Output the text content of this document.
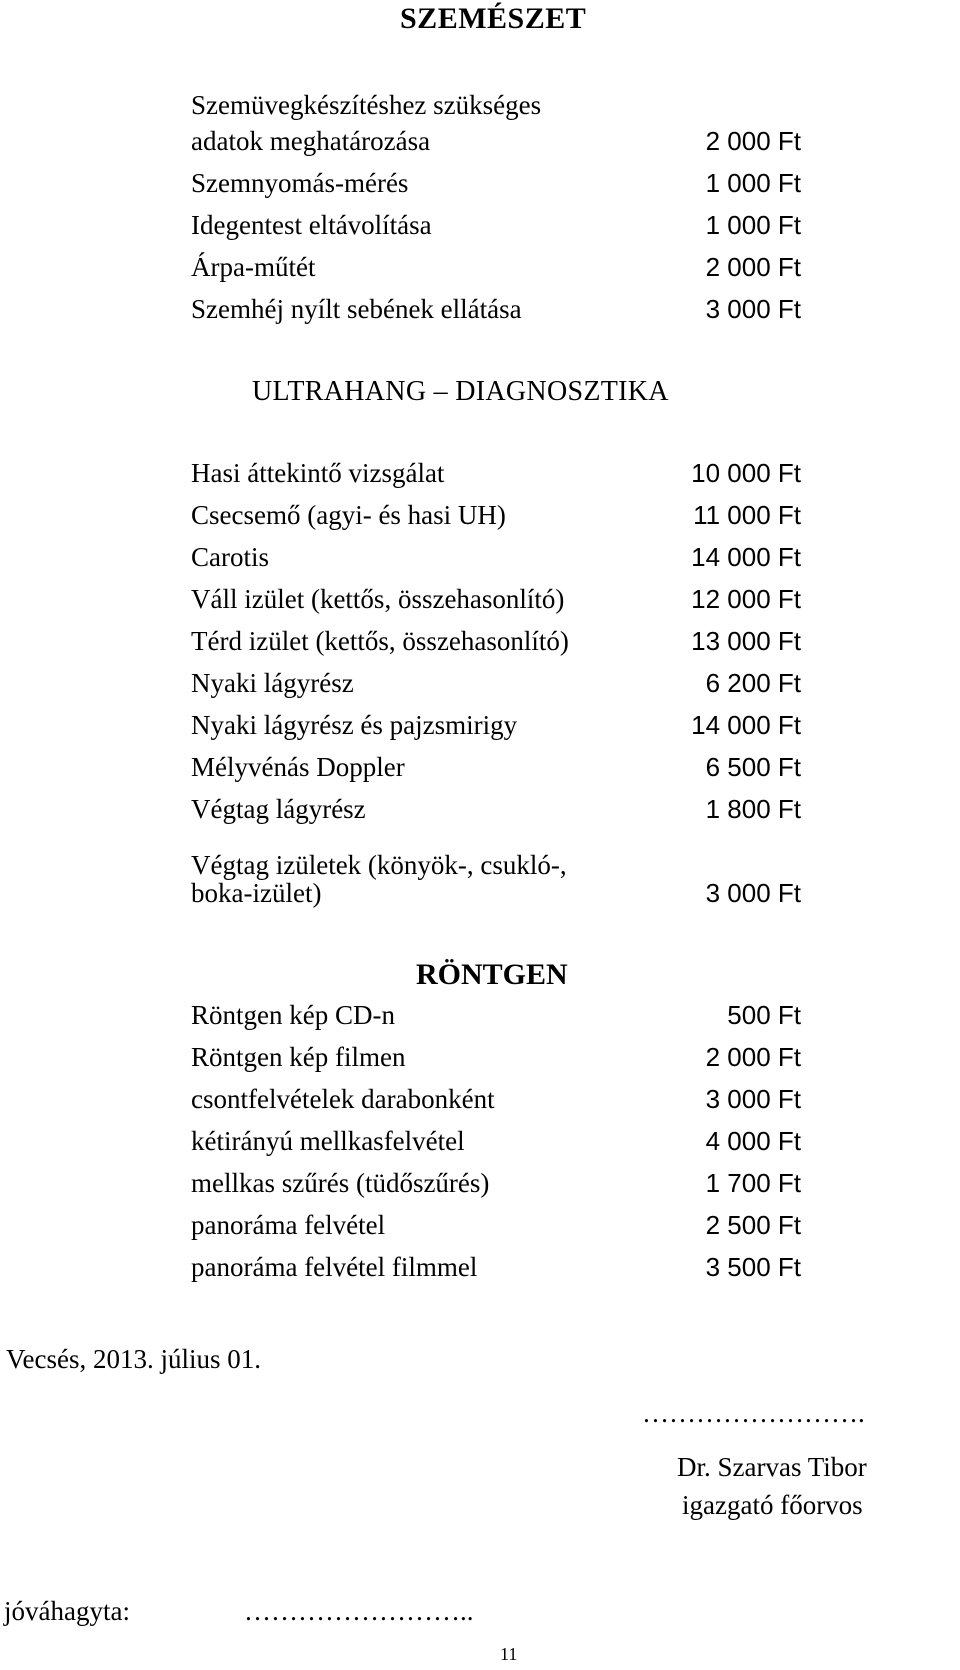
SZEMÉSZET
Szemüvegkészítéshez szükséges
adatok meghatározása	2 000 Ft
Szemnyomás-mérés	1 000 Ft
Idegentest eltávolítása	1 000 Ft
Árpa-műtét	2 000 Ft
Szemhéj nyílt sebének ellátása	3 000 Ft
ULTRAHANG – DIAGNOSZTIKA
Hasi áttekintő vizsgálat	10 000 Ft
Csecsemő (agyi- és hasi UH)	11 000 Ft
Carotis	14 000 Ft
Váll izület (kettős, összehasonlító)	12 000 Ft
Térd izület (kettős, összehasonlító)	13 000 Ft
Nyaki lágyrész	6 200 Ft
Nyaki lágyrész és pajzsmirigy	14 000 Ft
Mélyvénás Doppler	6 500 Ft
Végtag lágyrész	1 800 Ft
Végtag izületek (könyök-, csukló-,
boka-izület)	3 000 Ft
RÖNTGEN
Röntgen kép CD-n	500 Ft
Röntgen kép filmen	2 000 Ft
csontfelvételek darabonként	3 000 Ft
kétirányú mellkasfelvétel	4 000 Ft
mellkas szűrés (tüdőszűrés)	1 700 Ft
panoráma felvétel	2 500 Ft
panoráma felvétel filmmel	3 500 Ft
Vecsés, 2013. július 01.
…………………….
Dr. Szarvas Tibor
igazgató főorvos
jóváhagyta:	……………………..
11
